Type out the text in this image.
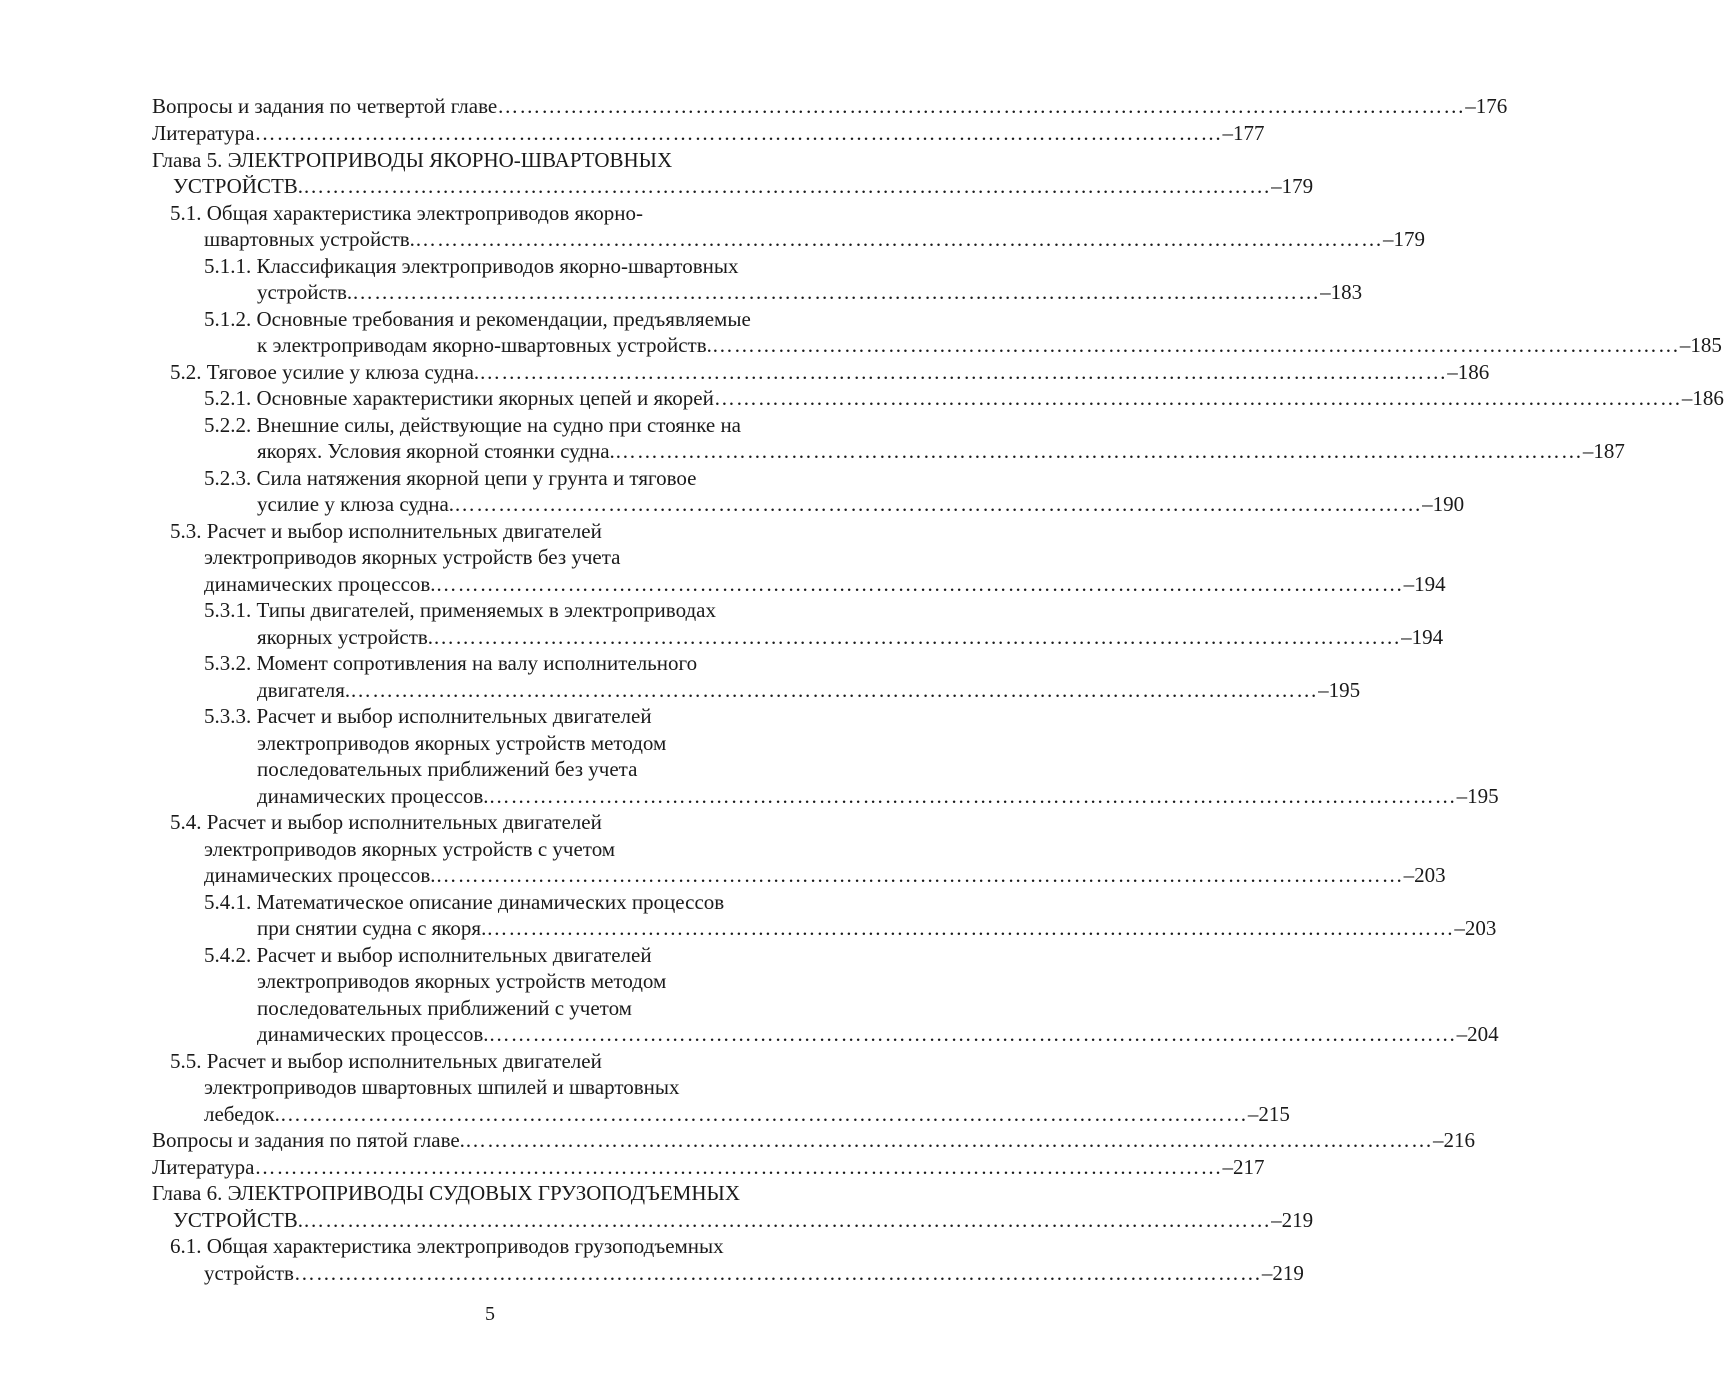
Вопросы и задания по четвертой главе …………………………………………………………………………………………………………………… – 176
Литература …………………………………………………………………………………………………………………… – 177
Глава 5. ЭЛЕКТРОПРИВОДЫ ЯКОРНО-ШВАРТОВНЫХ
УСТРОЙСТВ. …………………………………………………………………………………………………………………… – 179
5.1. Общая характеристика электроприводов якорно-
швартовных устройств. …………………………………………………………………………………………………………………… – 179
5.1.1. Классификация электроприводов якорно-швартовных
устройств. …………………………………………………………………………………………………………………… – 183
5.1.2. Основные требования и рекомендации, предъявляемые
к электроприводам якорно-швартовных устройств. …………………………………………………………………………………………………………………… – 185
5.2. Тяговое усилие у клюза судна. …………………………………………………………………………………………………………………… – 186
5.2.1. Основные характеристики якорных цепей и якорей …………………………………………………………………………………………………………………… – 186
5.2.2. Внешние силы, действующие на судно при стоянке на
якорях. Условия якорной стоянки судна. …………………………………………………………………………………………………………………… – 187
5.2.3. Сила натяжения якорной цепи у грунта и тяговое
усилие у клюза судна. …………………………………………………………………………………………………………………… – 190
5.3. Расчет и выбор исполнительных двигателей
электроприводов якорных устройств без учета
динамических процессов. …………………………………………………………………………………………………………………… – 194
5.3.1. Типы двигателей, применяемых в электроприводах
якорных устройств. …………………………………………………………………………………………………………………… – 194
5.3.2. Момент сопротивления на валу исполнительного
двигателя. …………………………………………………………………………………………………………………… – 195
5.3.3. Расчет и выбор исполнительных двигателей
электроприводов якорных устройств методом
последовательных приближений без учета
динамических процессов. …………………………………………………………………………………………………………………… – 195
5.4. Расчет и выбор исполнительных двигателей
электроприводов якорных устройств с учетом
динамических процессов. …………………………………………………………………………………………………………………… – 203
5.4.1. Математическое описание динамических процессов
при снятии судна с якоря. …………………………………………………………………………………………………………………… – 203
5.4.2. Расчет и выбор исполнительных двигателей
электроприводов якорных устройств методом
последовательных приближений с учетом
динамических процессов. …………………………………………………………………………………………………………………… – 204
5.5. Расчет и выбор исполнительных двигателей
электроприводов швартовных шпилей и швартовных
лебедок. …………………………………………………………………………………………………………………… – 215
Вопросы и задания по пятой главе. …………………………………………………………………………………………………………………… – 216
Литература …………………………………………………………………………………………………………………… – 217
Глава 6. ЭЛЕКТРОПРИВОДЫ СУДОВЫХ ГРУЗОПОДЪЕМНЫХ
УСТРОЙСТВ. …………………………………………………………………………………………………………………… – 219
6.1. Общая характеристика электроприводов грузоподъемных
устройств …………………………………………………………………………………………………………………… – 219
5
